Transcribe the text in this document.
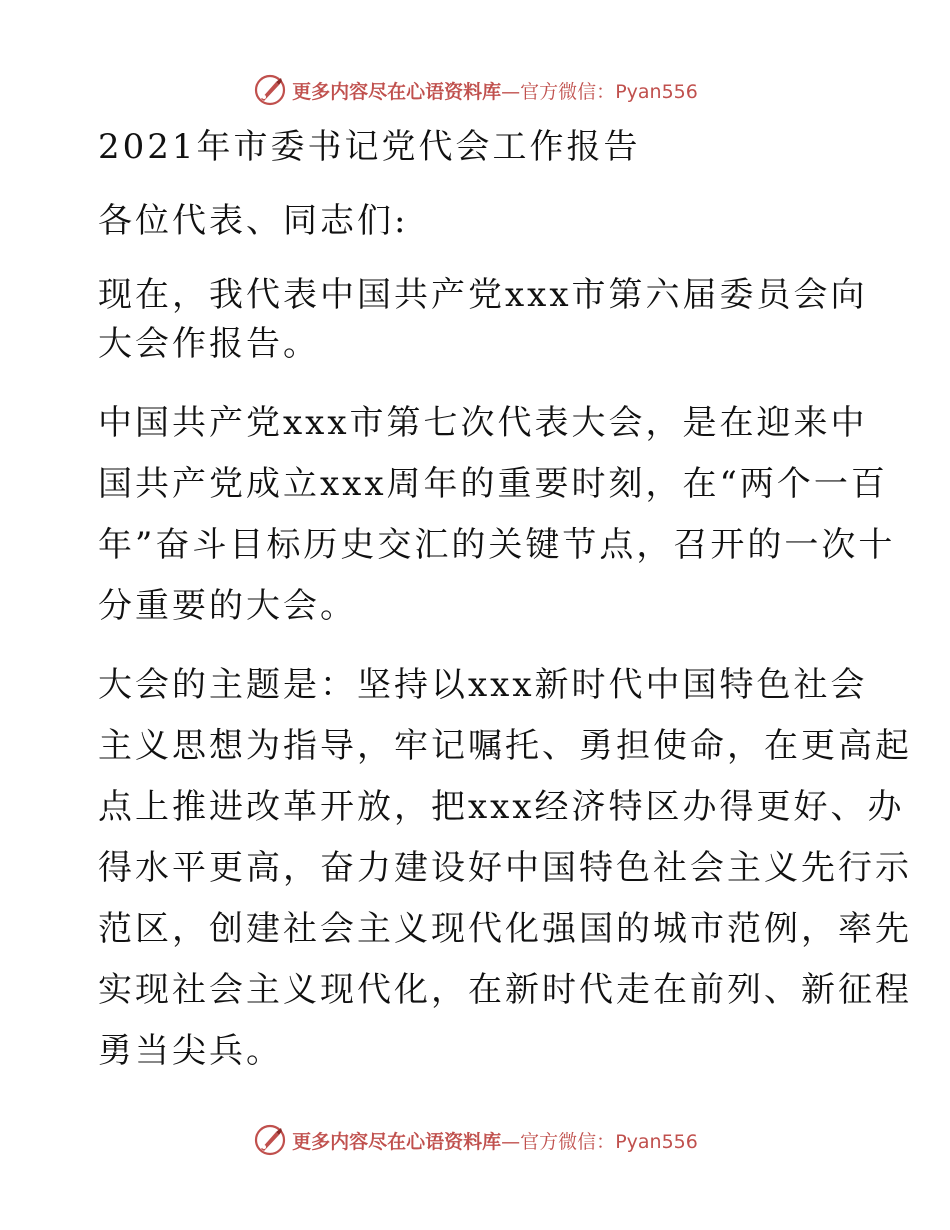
更多内容尽在心语资料库—官方微信：Pyan556
2021年市委书记党代会工作报告
各位代表、同志们:
现在，我代表中国共产党xxx市第六届委员会向
大会作报告。
中国共产党xxx市第七次代表大会，是在迎来中
国共产党成立xxx周年的重要时刻，在“两个一百
年”奋斗目标历史交汇的关键节点，召开的一次十
分重要的大会。
大会的主题是：坚持以xxx新时代中国特色社会
主义思想为指导，牢记嘱托、勇担使命，在更高起
点上推进改革开放，把xxx经济特区办得更好、办
得水平更高，奋力建设好中国特色社会主义先行示
范区，创建社会主义现代化强国的城市范例，率先
实现社会主义现代化，在新时代走在前列、新征程
勇当尖兵。
更多内容尽在心语资料库—官方微信：Pyan556
